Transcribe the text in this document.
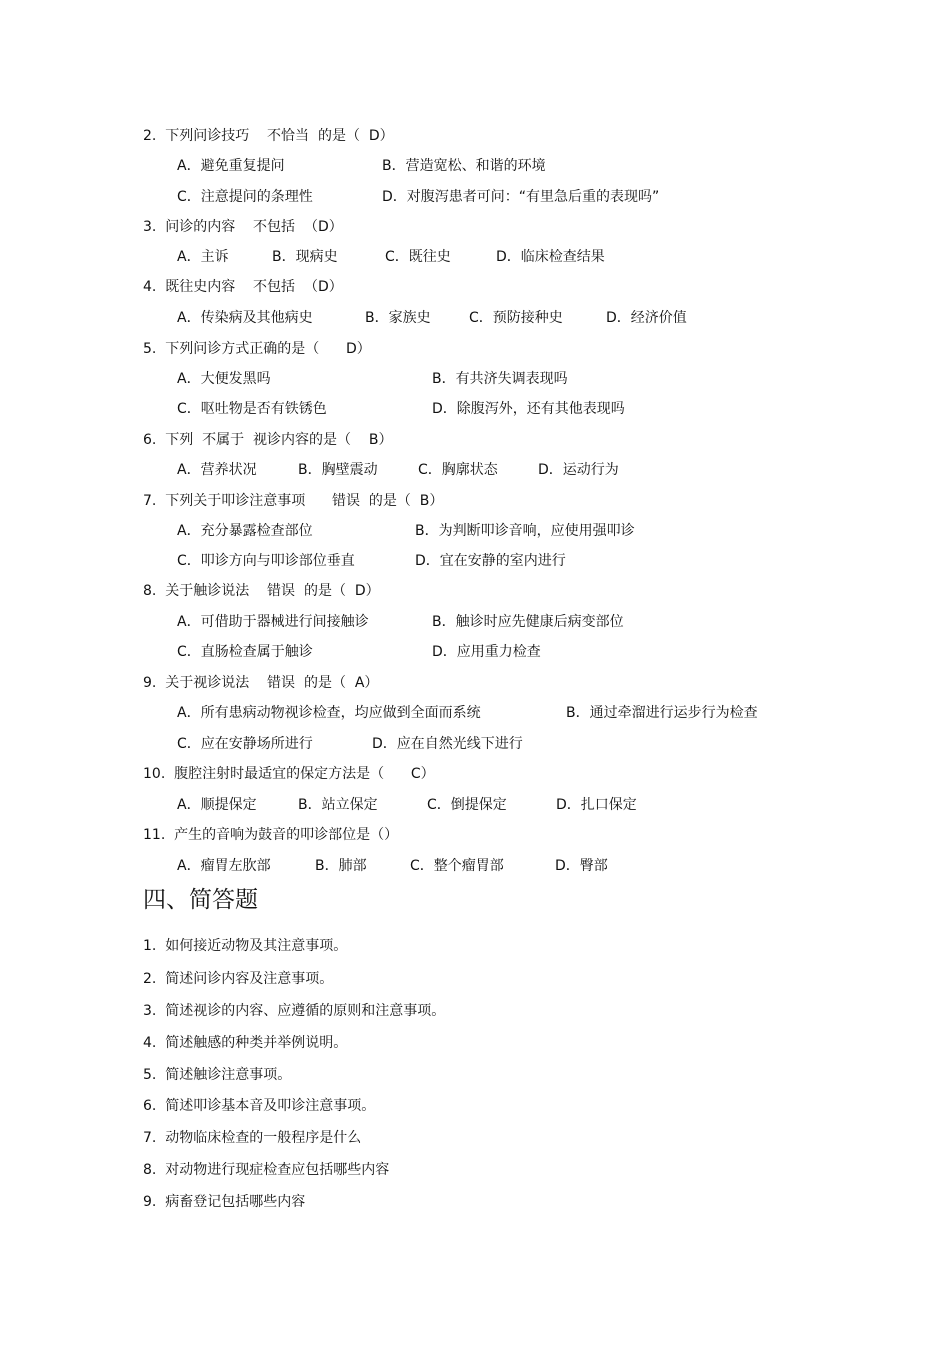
2.  下列问诊技巧    不恰当  的是（  D）
A．避免重复提问	B．营造宽松、和谐的环境
C．注意提问的条理性	D．对腹泻患者可问：“有里急后重的表现吗”
3.  问诊的内容    不包括  （D）
A．主诉	B．现病史	C．既往史	D．临床检查结果
4.  既往史内容    不包括  （D）
A．传染病及其他病史	B．家族史	C．预防接种史	D．经济价值
5.  下列问诊方式正确的是（      D）
A．大便发黑吗	B．有共济失调表现吗
C．呕吐物是否有铁锈色	D．除腹泻外，还有其他表现吗
6.  下列  不属于  视诊内容的是（    B）
A．营养状况	B．胸壁震动	C．胸廓状态	D．运动行为
7.  下列关于叩诊注意事项      错误  的是（  B）
A．充分暴露检查部位	B．为判断叩诊音响，应使用强叩诊
C．叩诊方向与叩诊部位垂直	D．宜在安静的室内进行
8.  关于触诊说法    错误  的是（  D）
A．可借助于器械进行间接触诊	B．触诊时应先健康后病变部位
C．直肠检查属于触诊	D．应用重力检查
9.  关于视诊说法    错误  的是（  A）
A．所有患病动物视诊检查，均应做到全面而系统	B．通过牵溜进行运步行为检查
C．应在安静场所进行	D．应在自然光线下进行
10.  腹腔注射时最适宜的保定方法是（      C）
A．顺提保定	B．站立保定	C．倒提保定	D．扎口保定
11.  产生的音响为鼓音的叩诊部位是（）
A．瘤胃左肷部	B．肺部	C．整个瘤胃部	D．臀部
四、简答题
1.  如何接近动物及其注意事项。
2.  简述问诊内容及注意事项。
3.  简述视诊的内容、应遵循的原则和注意事项。
4.  简述触感的种类并举例说明。
5.  简述触诊注意事项。
6.  简述叩诊基本音及叩诊注意事项。
7.  动物临床检查的一般程序是什么
8.  对动物进行现症检查应包括哪些内容
9.  病畜登记包括哪些内容
